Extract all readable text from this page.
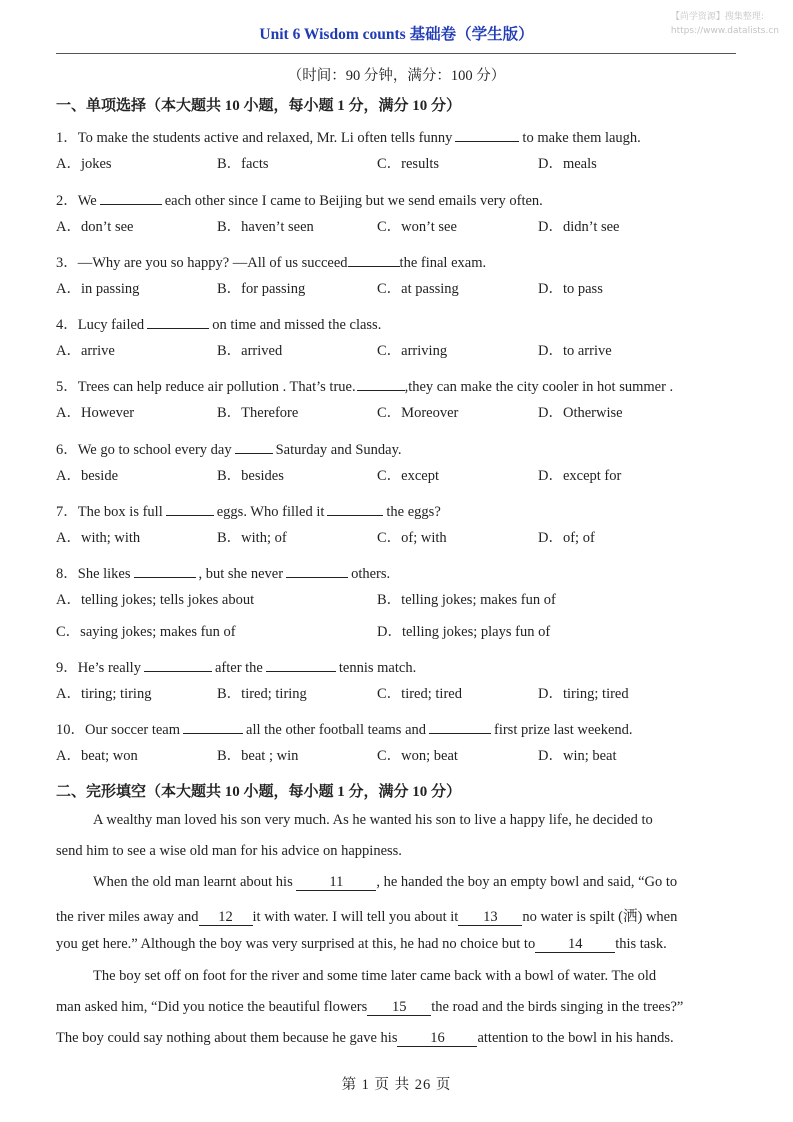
Unit 6 Wisdom counts 基础卷（学生版）
【尚学资源】搜集整理:
https://www.datalists.cn
（时间：90 分钟，满分：100 分）
一、单项选择（本大题共 10 小题，每小题 1 分，满分 10 分）
1．To make the students active and relaxed, Mr. Li often tells funny	to make them laugh.
A．jokes	B．facts	C．results	D．meals
2．We	each other since I came to Beijing but we send emails very often.
A．don’t see	B．haven’t seen	C．won’t see	D．didn’t see
3．—Why are you so happy? —All of us succeed	the final exam.
A．in passing	B．for passing	C．at passing	D．to pass
4．Lucy failed	on time and missed the class.
A．arrive	B．arrived	C．arriving	D．to arrive
5．Trees can help reduce air pollution . That’s true.	,they can make the city cooler in hot summer .
A．However	B．Therefore	C．Moreover	D．Otherwise
6．We go to school every day	Saturday and Sunday.
A．beside	B．besides	C．except	D．except for
7．The box is full	eggs. Who filled it	the eggs?
A．with; with	B．with; of	C．of; with	D．of; of
8．She likes	, but she never	others.
A．telling jokes; tells jokes about	B．telling jokes; makes fun of
C．saying jokes; makes fun of	D．telling jokes; plays fun of
9．He’s really	after the	tennis match.
A．tiring; tiring	B．tired; tiring	C．tired; tired	D．tiring; tired
10．Our soccer team	all the other football teams and	first prize last weekend.
A．beat; won	B．beat ; win	C．won; beat	D．win; beat
二、完形填空（本大题共 10 小题，每小题 1 分，满分 10 分）
A wealthy man loved his son very much. As he wanted his son to live a happy life, he decided to
send him to see a wise old man for his advice on happiness.
When the old man learnt about his	11 , he handed the boy an empty bowl and said, “Go to
the river miles away and 12 it with water. I will tell you about it 13 no water is spilt (洒) when
you get here.” Although the boy was very surprised at this, he had no choice but to 14 this task.
The boy set off on foot for the river and some time later came back with a bowl of water. The old
man asked him, “Did you notice the beautiful flowers 15 the road and the birds singing in the trees?”
The boy could say nothing about them because he gave his 16 attention to the bowl in his hands.
第 1 页 共 26 页
